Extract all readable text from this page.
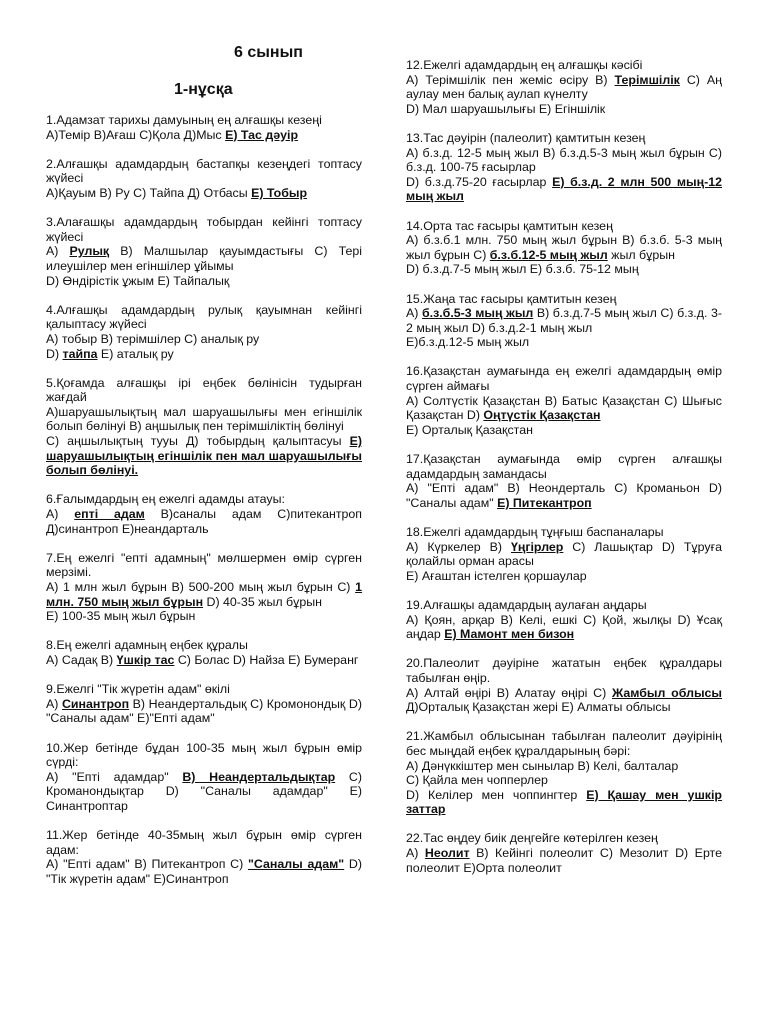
6 сынып

1-нұсқа

1.Адамзат тарихы дамуының ең алғашқы кезеңі
А)Темір В)Ағаш С)Қола Д)Мыс Е) Тас дәуір
2.Алғашқы адамдардың бастапқы кезеңдегі топтасу жүйесі
А)Қауым В) Ру С) Тайпа Д) Отбасы Е) Тобыр
3.Алағашқы адамдардың тобырдан кейінгі топтасу жүйесі
А) Рулық В) Малшылар қауымдастығы С) Тері илеушілер мен егіншілер ұйымы
D) Өндірістік ұжым Е) Тайпалық
4.Алғашқы адамдардың рулық қауымнан кейінгі қалыптасу жүйесі
А) тобыр В) терімшілер С) аналық ру
D) тайпа Е) аталық ру
5.Қоғамда алғашқы ірі еңбек бөлінісін тудырған жағдай
А)шаруашылықтың мал шаруашылығы мен егіншілік болып бөлінуі В) аңшылық пен терімшіліктің бөлінуі
С) аңшылықтың тууы Д) тобырдың қалыптасуы Е) шаруашылықтың егіншілік пен мал шаруашылығы болып бөлінуі.
6.Ғалымдардың ең ежелгі адамды атауы:
А) епті адам В)саналы адам С)питекантроп Д)синантроп Е)неандарталь
7.Ең ежелгі "епті адамның" мөлшермен өмір сүрген мерзімі.
А) 1 млн жыл бұрын В) 500-200 мың жыл бұрын С) 1 млн. 750 мың жыл бұрын D) 40-35 жыл бұрын
Е) 100-35 мың жыл бұрын
8.Ең ежелгі адамның еңбек құралы
А) Садақ В) Үшкір тас С) Болас D) Найза Е) Бумеранг
9.Ежелгі "Тік жүретін адам" өкілі
А) Синантроп В) Неандертальдық С) Кромонондық D) "Саналы адам" Е)"Епті адам"
10.Жер бетінде бұдан 100-35 мың жыл бұрын өмір сүрді:
А) "Епті адамдар" В) Неандертальдықтар С) Кроманондықтар D) "Саналы адамдар" Е) Синантроптар
11.Жер бетінде 40-35мың жыл бұрын өмір сүрген адам:
А) "Епті адам" В) Питекантроп С) "Саналы адам" D) "Тік жүретін адам" Е)Синантроп
12.Ежелгі адамдардың ең алғашқы кәсібі
А) Терімшілік пен жеміс өсіру В) Терімшілік С) Аң аулау мен балық аулап күнелту
D) Мал шаруашылығы Е) Егіншілік
13.Тас дәуірін (палеолит) қамтитын кезең
А) б.з.д. 12-5 мың жыл В) б.з.д.5-3 мың жыл бұрын С) б.з.д. 100-75 ғасырлар
D) б.з.д.75-20 ғасырлар Е) б.з.д. 2 млн 500 мың-12 мың жыл
14.Орта тас ғасыры қамтитын кезең
А) б.з.б.1 млн. 750 мың жыл бұрын В) б.з.б. 5-3 мың жыл бұрын С) б.з.б.12-5 мың жыл жыл бұрын
D) б.з.д.7-5 мың жыл Е) б.з.б. 75-12 мың
15.Жаңа тас ғасыры қамтитын кезең
А) б.з.б.5-3 мың жыл В) б.з.д.7-5 мың жыл С) б.з.д. 3-2 мың жыл D) б.з.д.2-1 мың жыл
Е)б.з.д.12-5 мың жыл
16.Қазақстан аумағында ең ежелгі адамдардың өмір сүрген аймағы
А) Солтүстік Қазақстан В) Батыс Қазақстан С) Шығыс Қазақстан D) Оңтүстік Қазақстан
Е) Орталық Қазақстан
17.Қазақстан аумағында өмір сүрген алғашқы адамдардың замандасы
А) "Епті адам" В) Неондерталь С) Кроманьон D) "Саналы адам" Е) Питекантроп
18.Ежелгі адамдардың тұңғыш баспаналары
А) Күркелер В) Үңгірлер С) Лашықтар D) Тұруға қолайлы орман арасы
Е) Ағаштан істелген қоршаулар
19.Алғашқы адамдардың аулаған аңдары
А) Қоян, арқар В) Келі, ешкі С) Қой, жылқы D) Ұсақ аңдар Е) Мамонт мен бизон
20.Палеолит дәуіріне жататын еңбек құралдары табылған өңір.
А) Алтай өңірі В) Алатау өңірі С) Жамбыл облысы Д)Орталық Қазақстан жері Е) Алматы облысы
21.Жамбыл облысынан табылған палеолит дәуірінің бес мыңдай еңбек құралдарының бәрі:
А) Дәнүккіштер мен сынылар В) Келі, балталар
С) Қайла мен чопперлер
D) Келілер мен чоппингтер Е) Қашау мен ушкір заттар
22.Тас өңдеу биік деңгейге көтерілген кезең
А) Неолит В) Кейінгі полеолит С) Мезолит D) Ерте полеолит Е)Орта полеолит
